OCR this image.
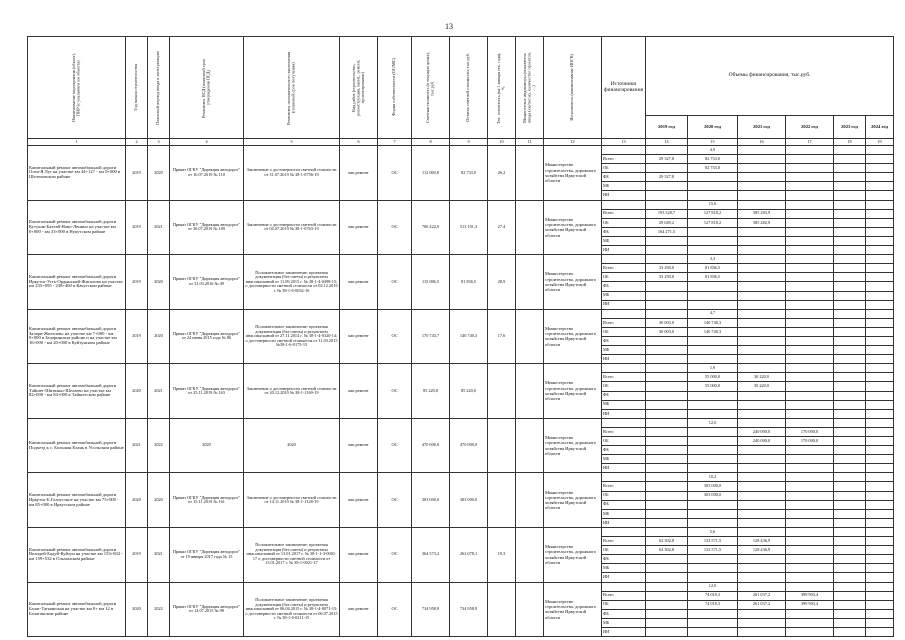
13
Наименование мероприятия (объект), ПИР (с указанием км объекта)	Год начала строительства	Плановый период ввода в эксплуатацию	Реквизиты ПСД (плановый срок утверждения ПСД)	Реквизиты положительного заключения (плановый срок получения)	Вид работ (строительство, реконструкция, капит., ремонт, проектирование)	Форма собственности (ОС/МС)	Сметная стоимость (в текущих ценах), тыс.руб.	Остаток сметной стоимости, тыс.руб.	Тех. готовность (на 1 января тек. года), %	Мощностные индикаторы (показатель ввода (км/пог.м), количество проектов, …)	Исполнитель (наименование ИОГВ)	Источники финансирования	Объемы финансирования, тыс.руб.					
													2019 год	2020 год	2021 год	2022 год	2023 год	2024 год
1	2	3	4	5	6	7	8	9	10	11	12	13	14	15	16	17	18	19
Капитальный ремонт автомобильной дороги Олха-Я.Луг на участке км 44+127 - км 0+000 в Шелеховском районе	2019	2020	Приказ ОГКУ "Дирекция автодорог" от 16.07.2019 № 110	Заключение о достоверности сметной стоимости от 31.07.2019 № 38-1-0756-19	кап.ремонт	ОС	112 060,8	82 733,0	26,2		Министерство строительства, дорожного хозяйства Иркутской области			4,9				
												Всего	29 327,8	82 733,0				
												ОБ		82 733,0				
												ФБ	29 327,8					
												МБ						
												ИИ						
Капитальный ремонт автомобильной дороги Кутулик-Бахтай-Ново-Ленино на участке км 0+000 - км 33+000 в Нукутском районе	2019	2021	Приказ ОГКУ "Дирекция автодорог" от 30.07.2019 № 109	Заключение о достоверности сметной стоимости от 04.07.2019 № 38-1-0763-19	кап.ремонт	ОС	706 422,0	513 101,3	27,4		Министерство строительства, дорожного хозяйства Иркутской области			15,6				
												Всего	193 320,7	127 818,2	385 283,9			
												ОБ	29 049,2	127 818,2	385 282,9			
												ФБ	164 271,5					
												МБ						
												ИИ						
Капитальный ремонт автомобильной дороги Иркутск-Усть-Ордынский-Жигалово на участке км 235+095 - 238+460 в Качугском районе	2019	2020	Приказ ОГКУ "Дирекция автодорог" от 31.03.2016 № 49	Положительное заключение: проектная документация (без сметы) и результаты инж.изысканий от 11.09.2015 г. № 38-1-4-0498-15; о достоверности сметной стоимости от 02.12.2016 г. № 38-1-6-0032-16	кап.ремонт	ОС	115 086,5	81 836,5	28,9		Министерство строительства, дорожного хозяйства Иркутской области			3,3				
												Всего	33 250,0	81 836,5				
												ОБ	33 250,0	81 836,5				
												ФБ						
												МБ						
												ИИ						
Капитальный ремонт автомобильной дороги Залари-Жигалово на участке км 7+000 - км 9+000 в Заларинском районе и на участке км 16+000 - км 20+000 в Куйтунском районе	2019	2020	Приказ ОГКУ "Дирекция автодорог" от 24 июня 2015 года № 86	Положительное заключение: проектная документация (без сметы) и результаты инж.изысканий от 27.11.2014 г. № 38-1-4-0320-14; о достоверности сметной стоимости от 11.03.2015 №38-1-6-0175-15	кап.ремонт	ОС	170 743,7	140 740,3	17,6		Министерство строительства, дорожного хозяйства Иркутской области			4,7				
												Всего	30 003,0	140 740,3				
												ОБ	30 003,0	140 740,3				
												ФБ						
												МБ						
												ИИ						
Капитальный ремонт автомобильной дороги Тайшет-Шиткино-Шелаево на участке км 82+000 - км 84+000 в Тайшетском районе	2020	2021	Приказ ОГКУ "Дирекция автодорог" от 25.11.2019 № 163	Заключение о достоверности сметной стоимости от 20.12.2019 № 38-1-1169-19	кап.ремонт	ОС	85 220,0	85 220,0			Министерство строительства, дорожного хозяйства Иркутской области			1,9				
												Всего		55 000,0	30 220,0			
												ОБ		55 000,0	30 220,0			
												ФБ						
												МБ						
												ИИ						
Капитальный ремонт автомобильной дороги Подъезд к с. Большая Елань в Усольском районе	2021	2022	2020	2020	кап.ремонт	ОС	470 000,0	470 000,0			Министерство строительства, дорожного хозяйства Иркутской области			12,0				
												Всего			240 000,0	170 000,0		
												ОБ			240 000,0	170 000,0		
												ФБ						
												МБ						
												ИИ						
Капитальный ремонт автомобильной дороги Иркутск-Б.Голоустное на участке км 75+000 - км 85+000 в Иркутском районе	2020	2020	Приказ ОГКУ "Дирекция автодорог" от 15.11.2019 № 161	Заключение о достоверности сметной стоимости от 14.11.2019 № 38-1-1128-19	кап.ремонт	ОС	303 000,0	303 000,0			Министерство строительства, дорожного хозяйства Иркутской области			10,2				
												Всего		303 000,0				
												ОБ		303 000,0				
												ФБ						
												МБ						
												ИИ						
Капитальный ремонт автомобильной дороги Велидей-Бадуй-Куйтун на участке км 153+832 - км 159+532 в Ольхонском районе	2019	2021	Приказ ОГКУ "Дирекция автодорог" от 19 января 2017 года № 15	Положительное заключение: проектная документация (без сметы) и результаты инж.изысканий от 13.01.2017 г. № 38-1-1-3-0001-17 о достоверности сметной стоимости от 13.01.2017 г. № 38-1-0021-17	кап.ремонт	ОС	364 573,2	262 078,1	19,3		Министерство строительства, дорожного хозяйства Иркутской области			5,6				
												Всего	62 302,8	133 571,5	128 436,9			
												ОБ	62 302,8	133 571,5	128 436,9			
												ФБ						
												МБ						
												ИИ						
Капитальный ремонт автомобильной дороги Балаг-Тагнинская на участке км 0+ км 12 в Балаганском районе	2020	2022	Приказ ОГКУ "Дирекция автодорог" от 14.07.2015 № 98	Положительное заключение: проектная документация (без сметы) и результаты инж.изысканий от 06.04.2015 г. № 38-1-4-0071-15; о достоверности сметной стоимости от 06.07.2015 г. № 38-1-6-0211-15	кап.ремонт	ОС	734 958,9	734 958,9			Министерство строительства, дорожного хозяйства Иркутской области			12,0				
												Всего		74 018,3	261 037,2	399 903,4		
												ОБ		74 018,3	261 037,2	399 903,4		
												ФБ						
												МБ						
												ИИ						
